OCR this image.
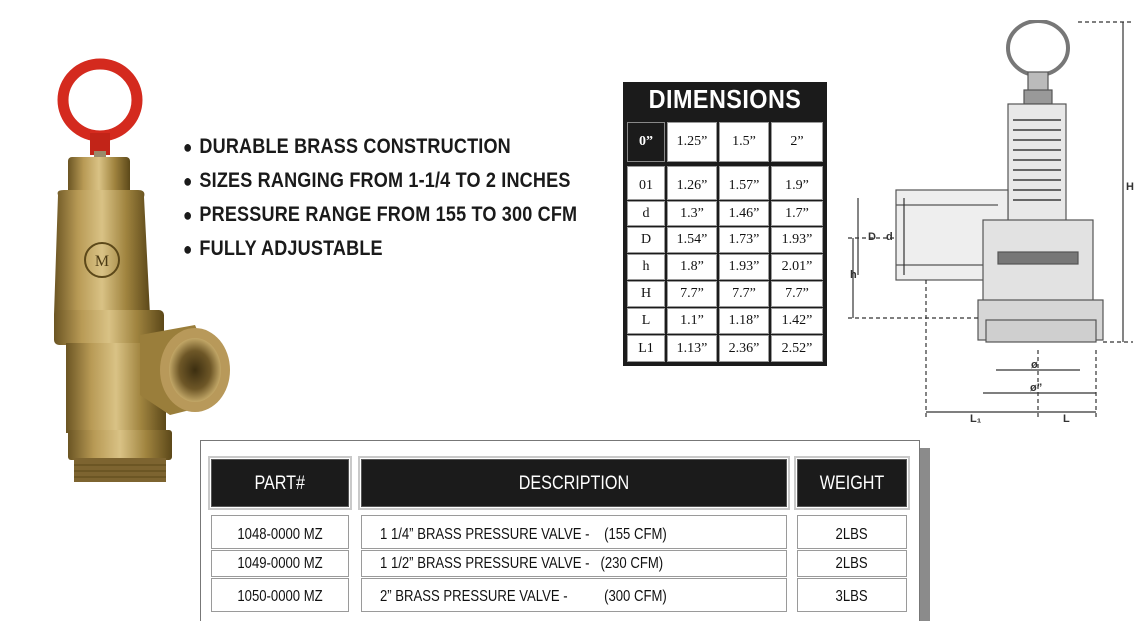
M
● DURABLE BRASS CONSTRUCTION
● SIZES RANGING FROM 1-1/4 TO 2 INCHES
● PRESSURE RANGE FROM 155 TO 300 CFM
● FULLY ADJUSTABLE
DIMENSIONS
0”	1.25”	1.5”	2”
01	1.26”	1.57”	1.9”
d	1.3”	1.46”	1.7”
D	1.54”	1.73”	1.93”
h	1.8”	1.93”	2.01”
H	7.7”	7.7”	7.7”
L	1.1”	1.18”	1.42”
L1	1.13”	2.36”	2.52”
D d
h
H
ø
ø”
L₁	L
PART#	DESCRIPTION	WEIGHT
1048-0000 MZ	1 1/4” BRASS PRESSURE VALVE -    (155 CFM)	2LBS
1049-0000 MZ	1 1/2” BRASS PRESSURE VALVE -   (230 CFM)	2LBS
1050-0000 MZ	2” BRASS PRESSURE VALVE -          (300 CFM)	3LBS
